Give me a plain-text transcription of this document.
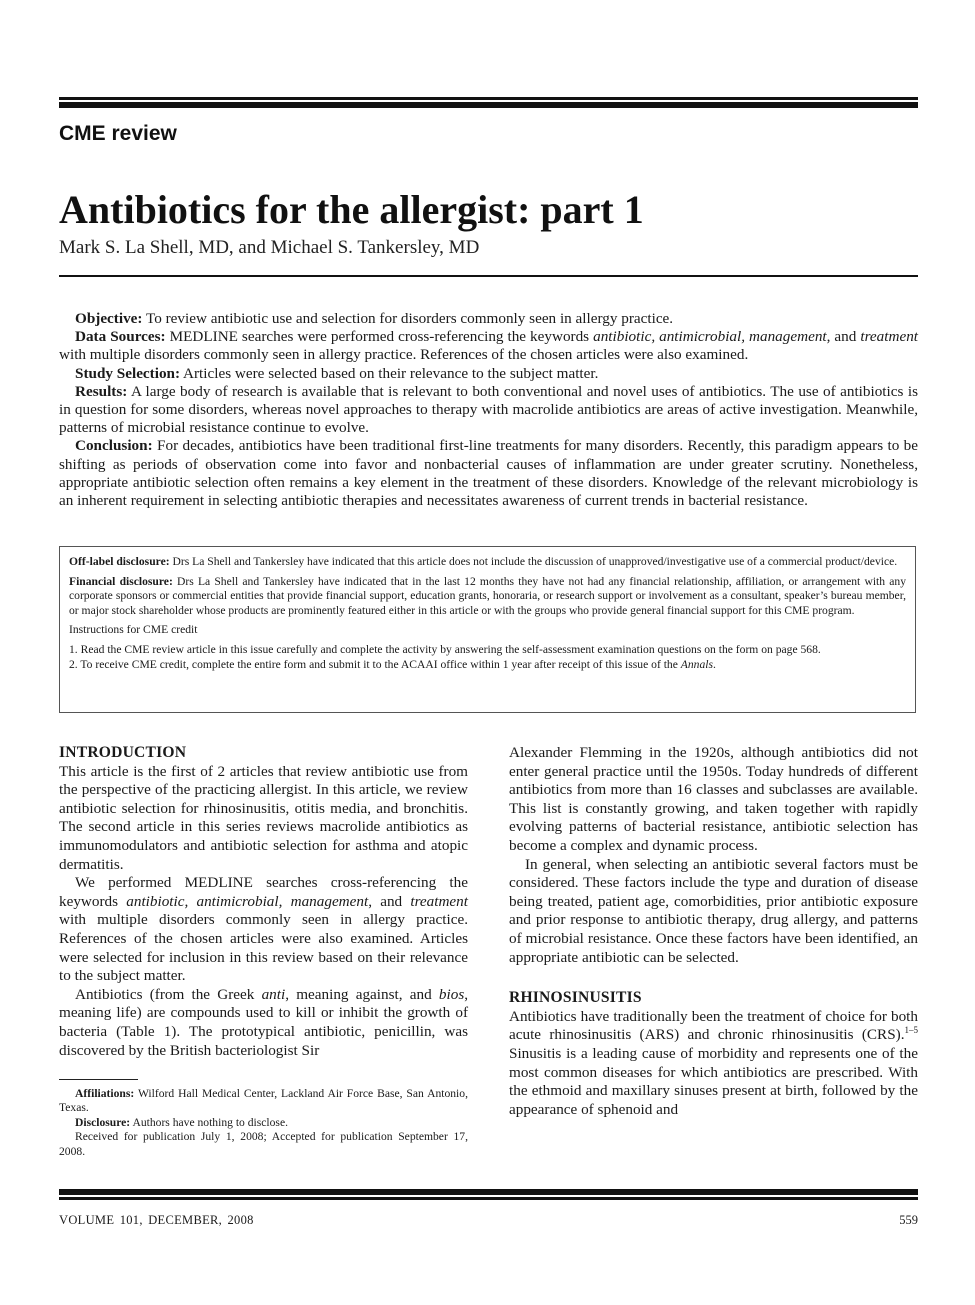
CME review
Antibiotics for the allergist: part 1
Mark S. La Shell, MD, and Michael S. Tankersley, MD

Objective: To review antibiotic use and selection for disorders commonly seen in allergy practice.

Data Sources: MEDLINE searches were performed cross-referencing the keywords antibiotic, antimicrobial, management, and treatment with multiple disorders commonly seen in allergy practice. References of the chosen articles were also examined.

Study Selection: Articles were selected based on their relevance to the subject matter.

Results: A large body of research is available that is relevant to both conventional and novel uses of antibiotics. The use of antibiotics is in question for some disorders, whereas novel approaches to therapy with macrolide antibiotics are areas of active investigation. Meanwhile, patterns of microbial resistance continue to evolve.

Conclusion: For decades, antibiotics have been traditional first-line treatments for many disorders. Recently, this paradigm appears to be shifting as periods of observation come into favor and nonbacterial causes of inflammation are under greater scrutiny. Nonetheless, appropriate antibiotic selection often remains a key element in the treatment of these disorders. Knowledge of the relevant microbiology is an inherent requirement in selecting antibiotic therapies and necessitates awareness of current trends in bacterial resistance.

Off-label disclosure: Drs La Shell and Tankersley have indicated that this article does not include the discussion of unapproved/investigative use of a commercial product/device.

Financial disclosure: Drs La Shell and Tankersley have indicated that in the last 12 months they have not had any financial relationship, affiliation, or arrangement with any corporate sponsors or commercial entities that provide financial support, education grants, honoraria, or research support or involvement as a consultant, speaker’s bureau member, or major stock shareholder whose products are prominently featured either in this article or with the groups who provide general financial support for this CME program.

Instructions for CME credit

1. Read the CME review article in this issue carefully and complete the activity by answering the self-assessment examination questions on the form on page 568.
2. To receive CME credit, complete the entire form and submit it to the ACAAI office within 1 year after receipt of this issue of the Annals.
INTRODUCTION

This article is the first of 2 articles that review antibiotic use from the perspective of the practicing allergist. In this article, we review antibiotic selection for rhinosinusitis, otitis media, and bronchitis. The second article in this series reviews macrolide antibiotics as immunomodulators and antibiotic selection for asthma and atopic dermatitis.

We performed MEDLINE searches cross-referencing the keywords antibiotic, antimicrobial, management, and treatment with multiple disorders commonly seen in allergy practice. References of the chosen articles were also examined. Articles were selected for inclusion in this review based on their relevance to the subject matter.

Antibiotics (from the Greek anti, meaning against, and bios, meaning life) are compounds used to kill or inhibit the growth of bacteria (Table 1). The prototypical antibiotic, penicillin, was discovered by the British bacteriologist Sir

Affiliations: Wilford Hall Medical Center, Lackland Air Force Base, San Antonio, Texas.

Disclosure: Authors have nothing to disclose.

Received for publication July 1, 2008; Accepted for publication September 17, 2008.

Alexander Flemming in the 1920s, although antibiotics did not enter general practice until the 1950s. Today hundreds of different antibiotics from more than 16 classes and subclasses are available. This list is constantly growing, and taken together with rapidly evolving patterns of bacterial resistance, antibiotic selection has become a complex and dynamic process.

In general, when selecting an antibiotic several factors must be considered. These factors include the type and duration of disease being treated, patient age, comorbidities, prior antibiotic exposure and prior response to antibiotic therapy, drug allergy, and patterns of microbial resistance. Once these factors have been identified, an appropriate antibiotic can be selected.

RHINOSINUSITIS

Antibiotics have traditionally been the treatment of choice for both acute rhinosinusitis (ARS) and chronic rhinosinusitis (CRS).$^{1-5}$ Sinusitis is a leading cause of morbidity and represents one of the most common diseases for which antibiotics are prescribed. With the ethmoid and maxillary sinuses present at birth, followed by the appearance of sphenoid and

VOLUME 101, DECEMBER, 2008	559
